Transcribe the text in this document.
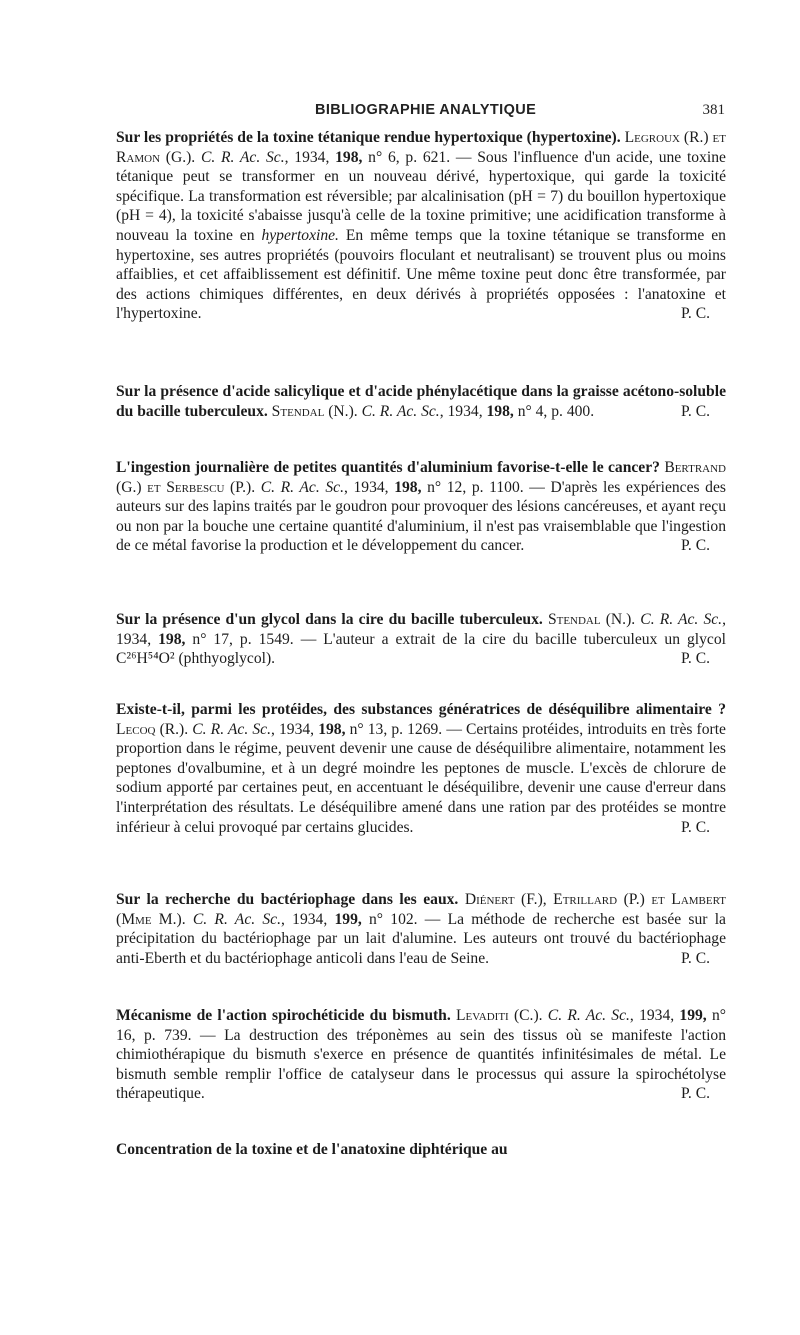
BIBLIOGRAPHIE ANALYTIQUE	381
Sur les propriétés de la toxine tétanique rendue hypertoxique (hypertoxine). Legroux (R.) et Ramon (G.). C. R. Ac. Sc., 1934, 198, n° 6, p. 621. — Sous l'influence d'un acide, une toxine tétanique peut se transformer en un nouveau dérivé, hypertoxique, qui garde la toxicité spécifique. La transformation est réversible; par alcalinisation (pH = 7) du bouillon hypertoxique (pH = 4), la toxicité s'abaisse jusqu'à celle de la toxine primitive; une acidification transforme à nouveau la toxine en hypertoxine. En même temps que la toxine tétanique se transforme en hypertoxine, ses autres propriétés (pouvoirs floculant et neutralisant) se trouvent plus ou moins affaiblies, et cet affaiblissement est définitif. Une même toxine peut donc être transformée, par des actions chimiques différentes, en deux dérivés à propriétés opposées : l'anatoxine et l'hypertoxine.	P. C.
Sur la présence d'acide salicylique et d'acide phénylacétique dans la graisse acétono-soluble du bacille tuberculeux. Stendal (N.). C. R. Ac. Sc., 1934, 198, n° 4, p. 400.	P. C.
L'ingestion journalière de petites quantités d'aluminium favorise-t-elle le cancer? Bertrand (G.) et Serbescu (P.). C. R. Ac. Sc., 1934, 198, n° 12, p. 1100. — D'après les expériences des auteurs sur des lapins traités par le goudron pour provoquer des lésions cancéreuses, et ayant reçu ou non par la bouche une certaine quantité d'aluminium, il n'est pas vraisemblable que l'ingestion de ce métal favorise la production et le développement du cancer.	P. C.
Sur la présence d'un glycol dans la cire du bacille tuberculeux. Stendal (N.). C. R. Ac. Sc., 1934, 198, n° 17, p. 1549. — L'auteur a extrait de la cire du bacille tuberculeux un glycol C²⁶H⁵⁴O² (phthyoglycol).	P. C.
Existe-t-il, parmi les protéides, des substances génératrices de déséquilibre alimentaire ? Lecoq (R.). C. R. Ac. Sc., 1934, 198, n° 13, p. 1269. — Certains protéides, introduits en très forte proportion dans le régime, peuvent devenir une cause de déséquilibre alimentaire, notamment les peptones d'ovalbumine, et à un degré moindre les peptones de muscle. L'excès de chlorure de sodium apporté par certaines peut, en accentuant le déséquilibre, devenir une cause d'erreur dans l'interprétation des résultats. Le déséquilibre amené dans une ration par des protéides se montre inférieur à celui provoqué par certains glucides.	P. C.
Sur la recherche du bactériophage dans les eaux. Diénert (F.), Etrillard (P.) et Lambert (Mme M.). C. R. Ac. Sc., 1934, 199, n° 102. — La méthode de recherche est basée sur la précipitation du bactériophage par un lait d'alumine. Les auteurs ont trouvé du bactériophage anti-Eberth et du bactériophage anticoli dans l'eau de Seine.	P. C.
Mécanisme de l'action spirochéticide du bismuth. Levaditi (C.). C. R. Ac. Sc., 1934, 199, n° 16, p. 739. — La destruction des tréponèmes au sein des tissus où se manifeste l'action chimiothérapique du bismuth s'exerce en présence de quantités infinitésimales de métal. Le bismuth semble remplir l'office de catalyseur dans le processus qui assure la spirochétolyse thérapeutique.	P. C.
Concentration de la toxine et de l'anatoxine diphtérique au
